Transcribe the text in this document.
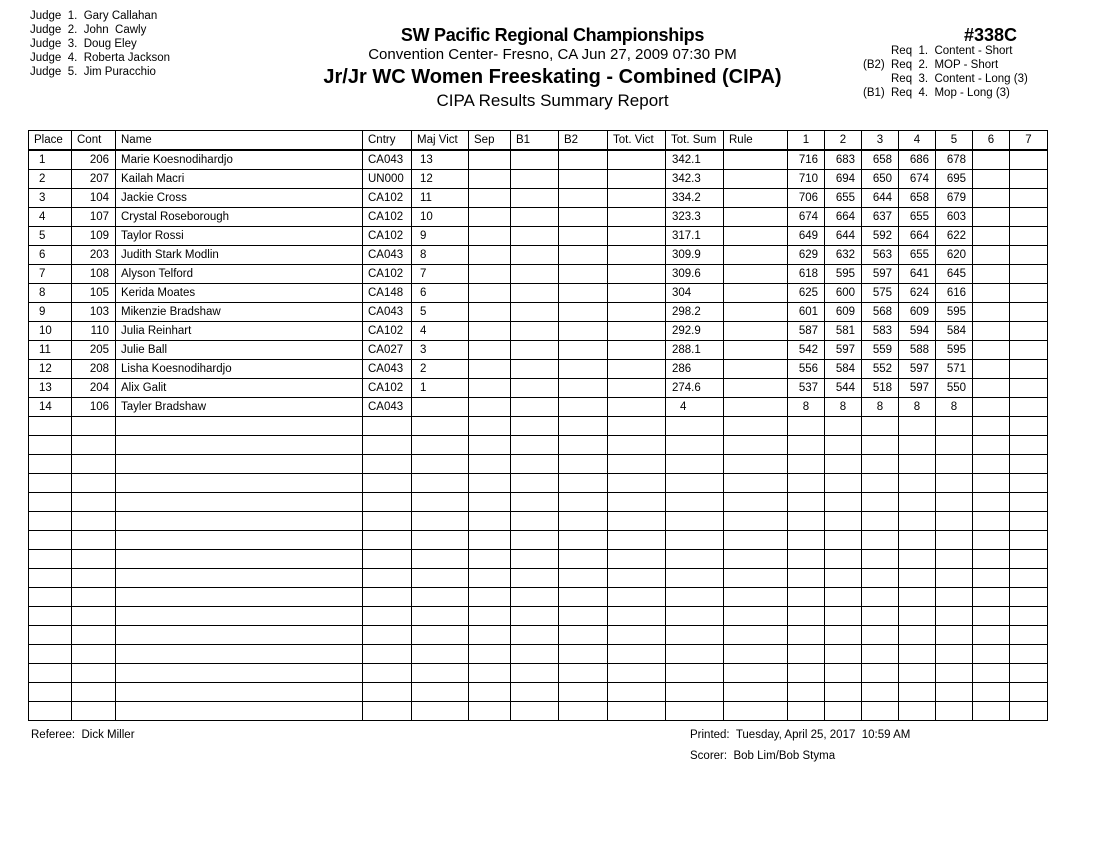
Judge  1.  Gary Callahan
Judge  2.  John  Cawly
Judge  3.  Doug Eley
Judge  4.  Roberta Jackson
Judge  5.  Jim Puracchio
SW Pacific Regional Championships
Convention Center- Fresno, CA Jun 27, 2009 07:30 PM
Jr/Jr WC Women Freeskating - Combined (CIPA)
CIPA Results Summary Report
#338C
Req  1.  Content - Short
(B2) Req  2.  MOP - Short
Req  3.  Content - Long (3)
(B1) Req  4.  Mop - Long (3)
Place	Cont	Name	Cntry	Maj Vict	Sep	B1	B2	Tot. Vict	Tot. Sum	Rule	1	2	3	4	5	6	7
1	206	Marie Koesnodihardjo	CA043	13					342.1		716	683	658	686	678		
2	207	Kailah Macri	UN000	12					342.3		710	694	650	674	695		
3	104	Jackie Cross	CA102	11					334.2		706	655	644	658	679		
4	107	Crystal Roseborough	CA102	10					323.3		674	664	637	655	603		
5	109	Taylor Rossi	CA102	9					317.1		649	644	592	664	622		
6	203	Judith Stark Modlin	CA043	8					309.9		629	632	563	655	620		
7	108	Alyson Telford	CA102	7					309.6		618	595	597	641	645		
8	105	Kerida Moates	CA148	6					304		625	600	575	624	616		
9	103	Mikenzie Bradshaw	CA043	5					298.2		601	609	568	609	595		
10	110	Julia Reinhart	CA102	4					292.9		587	581	583	594	584		
11	205	Julie Ball	CA027	3					288.1		542	597	559	588	595		
12	208	Lisha Koesnodihardjo	CA043	2					286		556	584	552	597	571		
13	204	Alix Galit	CA102	1					274.6		537	544	518	597	550		
14	106	Tayler Bradshaw	CA043						4		8	8	8	8	8		

Referee:  Dick Miller	Printed:  Tuesday, April 25, 2017  10:59 AM
Scorer:  Bob Lim/Bob Styma
